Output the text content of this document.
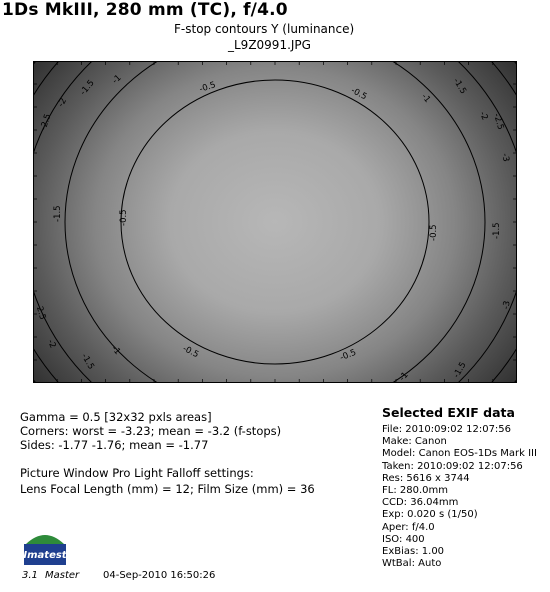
1Ds MkIII, 280 mm (TC), f/4.0
F-stop contours Y (luminance)
_L9Z0991.JPG
-0.5	-0.5
-0.5
-0.5
-0.5	-0.5
-1
-1
-1
-1
-1.5	-1.5
-1.5
-1.5
-1.5	-1.5
-2
-2
-2
-2.5	-2.5
-2.5	-3
-3
Gamma = 0.5 [32x32 pxls areas]
Corners: worst = -3.23; mean = -3.2 (f-stops)
Sides: -1.77 -1.76; mean = -1.77
Picture Window Pro Light Falloff settings:
Lens Focal Length (mm) = 12; Film Size (mm) = 36
Selected EXIF data
File: 2010:09:02 12:07:56
Make: Canon
Model: Canon EOS-1Ds Mark III
Taken: 2010:09:02 12:07:56
Res: 5616 x 3744
FL: 280.0mm
CCD: 36.04mm
Exp: 0.020 s (1/50)
Aper: f/4.0
ISO: 400
ExBias: 1.00
WtBal: Auto
Imatest
3.1 Master 04-Sep-2010 16:50:26
